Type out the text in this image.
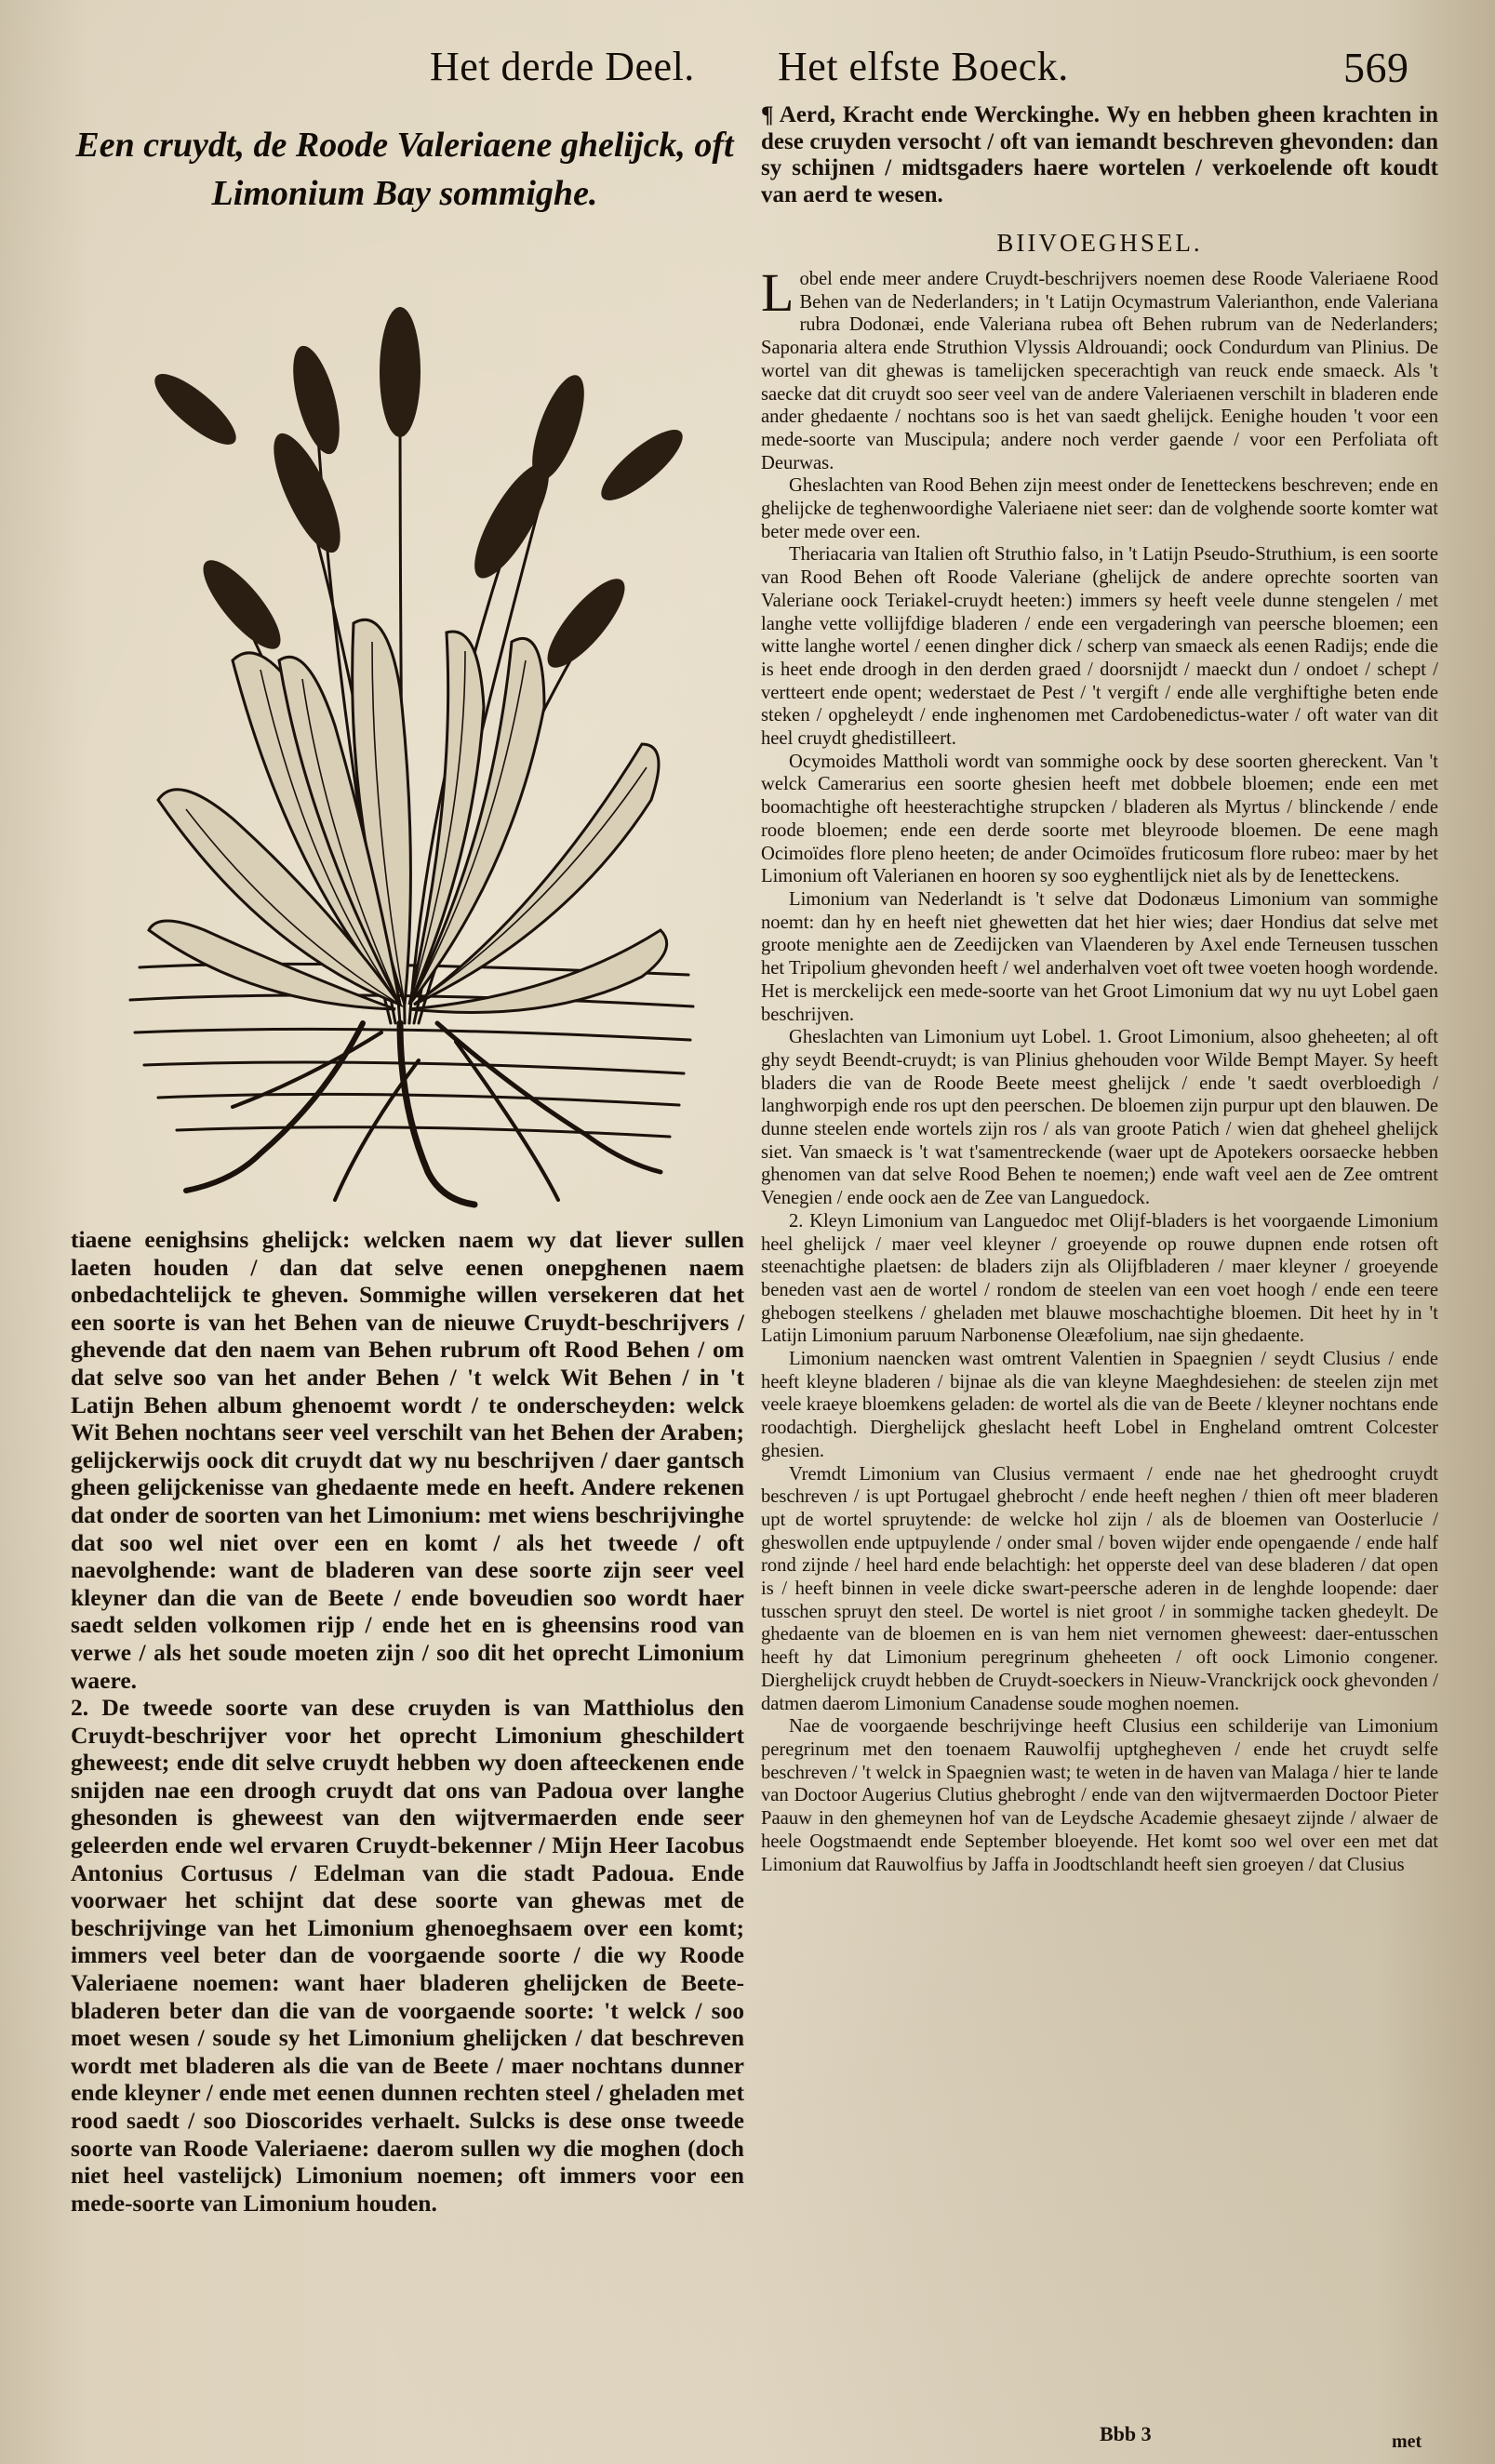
Het derde Deel. Het elfste Boeck.	569
Een cruydt, de Roode Valeriaene ghelijck, oft Limonium Bay sommighe.

tiaene eenighsins ghelijck: welcken naem wy dat liever sullen laeten houden / dan dat selve eenen onepghenen naem onbedachtelijck te gheven. Sommighe willen versekeren dat het een soorte is van het Behen van de nieuwe Cruydt-beschrijvers / ghevende dat den naem van Behen rubrum oft Rood Behen / om dat selve soo van het ander Behen / 't welck Wit Behen / in 't Latijn Behen album ghenoemt wordt / te onderscheyden: welck Wit Behen nochtans seer veel verschilt van het Behen der Araben; gelijckerwijs oock dit cruydt dat wy nu beschrijven / daer gantsch gheen gelijckenisse van ghedaente mede en heeft. Andere rekenen dat onder de soorten van het Limonium: met wiens beschrijvinghe dat soo wel niet over een en komt / als het tweede / oft naevolghende: want de bladeren van dese soorte zijn seer veel kleyner dan die van de Beete / ende boveudien soo wordt haer saedt selden volkomen rijp / ende het en is gheensins rood van verwe / als het soude moeten zijn / soo dit het oprecht Limonium waere.
2. De tweede soorte van dese cruyden is van Matthiolus den Cruydt-beschrijver voor het oprecht Limonium gheschildert gheweest; ende dit selve cruydt hebben wy doen afteeckenen ende snijden nae een droogh cruydt dat ons van Padoua over langhe ghesonden is gheweest van den wijtvermaerden ende seer geleerden ende wel ervaren Cruydt-bekenner / Mijn Heer Iacobus Antonius Cortusus / Edelman van die stadt Padoua. Ende voorwaer het schijnt dat dese soorte van ghewas met de beschrijvinge van het Limonium ghenoeghsaem over een komt; immers veel beter dan de voorgaende soorte / die wy Roode Valeriaene noemen: want haer bladeren ghelijcken de Beete-bladeren beter dan die van de voorgaende soorte: 't welck / soo moet wesen / soude sy het Limonium ghelijcken / dat beschreven wordt met bladeren als die van de Beete / maer nochtans dunner ende kleyner / ende met eenen dunnen rechten steel / gheladen met rood saedt / soo Dioscorides verhaelt. Sulcks is dese onse tweede soorte van Roode Valeriaene: daerom sullen wy die moghen (doch niet heel vastelijck) Limonium noemen; oft immers voor een mede-soorte van Limonium houden.

¶ Aerd, Kracht ende Werckinghe. Wy en hebben gheen krachten in dese cruyden versocht / oft van iemandt beschreven ghevonden: dan sy schijnen / midtsgaders haere wortelen / verkoelende oft koudt van aerd te wesen.

BIIVOEGHSEL.
Lobel ende meer andere Cruydt-beschrijvers noemen dese Roode Valeriaene Rood Behen van de Nederlanders; in 't Latijn Ocymastrum Valerianthon, ende Valeriana rubra Dodonæi, ende Valeriana rubea oft Behen rubrum van de Nederlanders; Saponaria altera ende Struthion Vlyssis Aldrouandi; oock Condurdum van Plinius. De wortel van dit ghewas is tamelijcken specerachtigh van reuck ende smaeck. Als 't saecke dat dit cruydt soo seer veel van de andere Valeriaenen verschilt in bladeren ende ander ghedaente / nochtans soo is het van saedt ghelijck. Eenighe houden 't voor een mede-soorte van Muscipula; andere noch verder gaende / voor een Perfoliata oft Deurwas.
Gheslachten van Rood Behen zijn meest onder de Ienetteckens beschreven; ende en ghelijcke de teghenwoordighe Valeriaene niet seer: dan de volghende soorte komter wat beter mede over een.
Theriacaria van Italien oft Struthio falso, in 't Latijn Pseudo-Struthium, is een soorte van Rood Behen oft Roode Valeriane (ghelijck de andere oprechte soorten van Valeriane oock Teriakel-cruydt heeten:) immers sy heeft veele dunne stengelen / met langhe vette vollijfdige bladeren / ende een vergaderingh van peersche bloemen; een witte langhe wortel / eenen dingher dick / scherp van smaeck als eenen Radijs; ende die is heet ende droogh in den derden graed / doorsnijdt / maeckt dun / ondoet / schept / vertteert ende opent; wederstaet de Pest / 't vergift / ende alle verghiftighe beten ende steken / opgheleydt / ende inghenomen met Cardobenedictus-water / oft water van dit heel cruydt ghedistilleert.
Ocymoides Mattholi wordt van sommighe oock by dese soorten ghereckent. Van 't welck Camerarius een soorte ghesien heeft met dobbele bloemen; ende een met boomachtighe oft heesterachtighe strupcken / bladeren als Myrtus / blinckende / ende roode bloemen; ende een derde soorte met bleyroode bloemen. De eene magh Ocimoïdes flore pleno heeten; de ander Ocimoïdes fruticosum flore rubeo: maer by het Limonium oft Valerianen en hooren sy soo eyghentlijck niet als by de Ienetteckens.
Limonium van Nederlandt is 't selve dat Dodonæus Limonium van sommighe noemt: dan hy en heeft niet ghewetten dat het hier wies; daer Hondius dat selve met groote menighte aen de Zeedijcken van Vlaenderen by Axel ende Terneusen tusschen het Tripolium ghevonden heeft / wel anderhalven voet oft twee voeten hoogh wordende. Het is merckelijck een mede-soorte van het Groot Limonium dat wy nu uyt Lobel gaen beschrijven.
Gheslachten van Limonium uyt Lobel. 1. Groot Limonium, alsoo gheheeten; al oft ghy seydt Beendt-cruydt; is van Plinius ghehouden voor Wilde Bempt Mayer. Sy heeft bladers die van de Roode Beete meest ghelijck / ende 't saedt overbloedigh / langhworpigh ende ros upt den peerschen. De bloemen zijn purpur upt den blauwen. De dunne steelen ende wortels zijn ros / als van groote Patich / wien dat gheheel ghelijck siet. Van smaeck is 't wat t'samentreckende (waer upt de Apotekers oorsaecke hebben ghenomen van dat selve Rood Behen te noemen;) ende waft veel aen de Zee omtrent Venegien / ende oock aen de Zee van Languedock.
2. Kleyn Limonium van Languedoc met Olijf-bladers is het voorgaende Limonium heel ghelijck / maer veel kleyner / groeyende op rouwe dupnen ende rotsen oft steenachtighe plaetsen: de bladers zijn als Olijfbladeren / maer kleyner / groeyende beneden vast aen de wortel / rondom de steelen van een voet hoogh / ende een teere ghebogen steelkens / gheladen met blauwe moschachtighe bloemen. Dit heet hy in 't Latijn Limonium paruum Narbonense Oleæfolium, nae sijn ghedaente.
Limonium naencken wast omtrent Valentien in Spaegnien / seydt Clusius / ende heeft kleyne bladeren / bijnae als die van kleyne Maeghdesiehen: de steelen zijn met veele kraeye bloemkens geladen: de wortel als die van de Beete / kleyner nochtans ende roodachtigh. Dierghelijck gheslacht heeft Lobel in Engheland omtrent Colcester ghesien.
Vremdt Limonium van Clusius vermaent / ende nae het ghedrooght cruydt beschreven / is upt Portugael ghebrocht / ende heeft neghen / thien oft meer bladeren upt de wortel spruytende: de welcke hol zijn / als de bloemen van Oosterlucie / gheswollen ende uptpuylende / onder smal / boven wijder ende opengaende / ende half rond zijnde / heel hard ende belachtigh: het opperste deel van dese bladeren / dat open is / heeft binnen in veele dicke swart-peersche aderen in de lenghde loopende: daer tusschen spruyt den steel. De wortel is niet groot / in sommighe tacken ghedeylt. De ghedaente van de bloemen en is van hem niet vernomen gheweest: daer-entusschen heeft hy dat Limonium peregrinum gheheeten / oft oock Limonio congener. Dierghelijck cruydt hebben de Cruydt-soeckers in Nieuw-Vranckrijck oock ghevonden / datmen daerom Limonium Canadense soude moghen noemen.
Nae de voorgaende beschrijvinge heeft Clusius een schilderije van Limonium peregrinum met den toenaem Rauwolfij uptghegheven / ende het cruydt selfe beschreven / 't welck in Spaegnien wast; te weten in de haven van Malaga / hier te lande van Doctoor Augerius Clutius ghebroght / ende van den wijtvermaerden Doctoor Pieter Paauw in den ghemeynen hof van de Leydsche Academie ghesaeyt zijnde / alwaer de heele Oogstmaendt ende September bloeyende. Het komt soo wel over een met dat Limonium dat Rauwolfius by Jaffa in Joodtschlandt heeft sien groeyen / dat Clusius
Bbb 3	met
